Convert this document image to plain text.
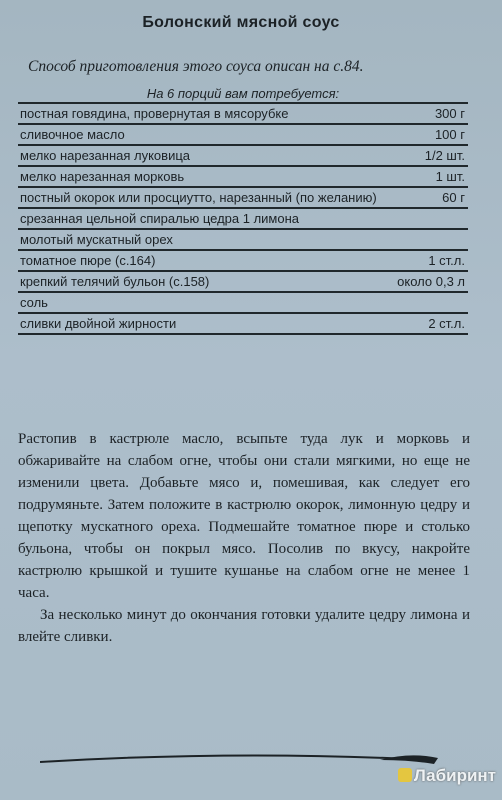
Болонский мясной соус
Способ приготовления этого соуса описан на с.84.
На 6 порций вам потребуется:
постная говядина, провернутая в мясорубке	300 г
сливочное масло	100 г
мелко нарезанная луковица	1/2 шт.
мелко нарезанная морковь	1 шт.
постный окорок или просциутто, нарезанный (по желанию)	60 г
срезанная цельной спиралью цедра 1 лимона
молотый мускатный орех
томатное пюре (с.164)	1 ст.л.
крепкий телячий бульон (с.158)	около 0,3 л
соль
сливки двойной жирности	2 ст.л.

Растопив в кастрюле масло, всыпьте туда лук и морковь и обжаривайте на слабом огне, чтобы они стали мягкими, но еще не изменили цвета. Добавьте мясо и, помешивая, как следует его подрумяньте. Затем положите в кастрюлю окорок, лимонную цедру и щепотку мускатного ореха. Подмешайте томатное пюре и столько бульона, чтобы он покрыл мясо. Посолив по вкусу, накройте кастрюлю крышкой и тушите кушанье на слабом огне не менее 1 часа.

За несколько минут до окончания готовки удалите цедру лимона и влейте сливки.

Лабиринт
